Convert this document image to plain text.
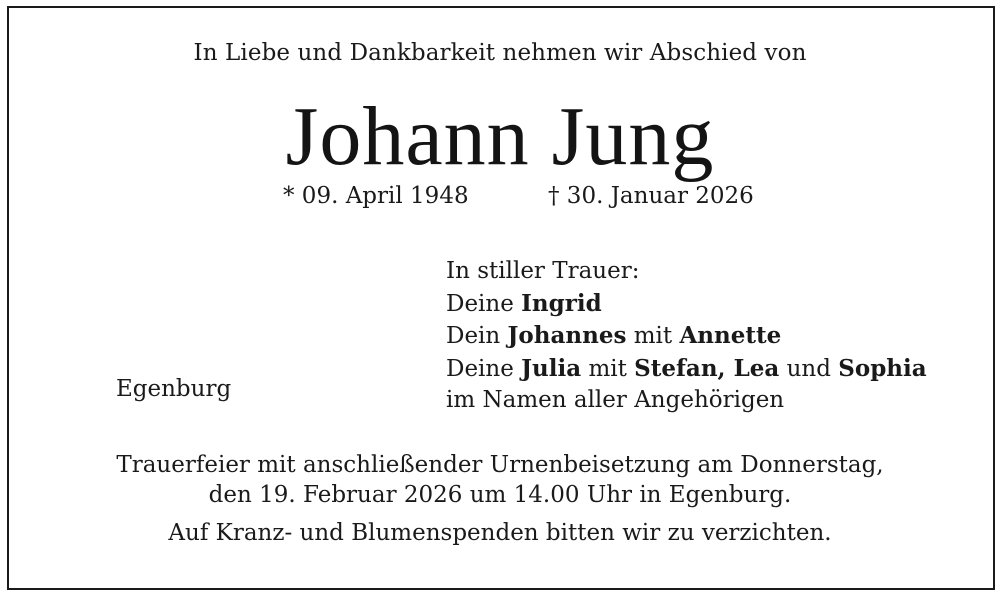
In Liebe und Dankbarkeit nehmen wir Abschied von
Johann Jung
* 09. April 1948	† 30. Januar 2026
In stiller Trauer:
Deine Ingrid
Dein Johannes mit Annette
Deine Julia mit Stefan, Lea und Sophia
im Namen aller Angehörigen
Egenburg
Trauerfeier mit anschließender Urnenbeisetzung am Donnerstag,
den 19. Februar 2026 um 14.00 Uhr in Egenburg.
Auf Kranz- und Blumenspenden bitten wir zu verzichten.
